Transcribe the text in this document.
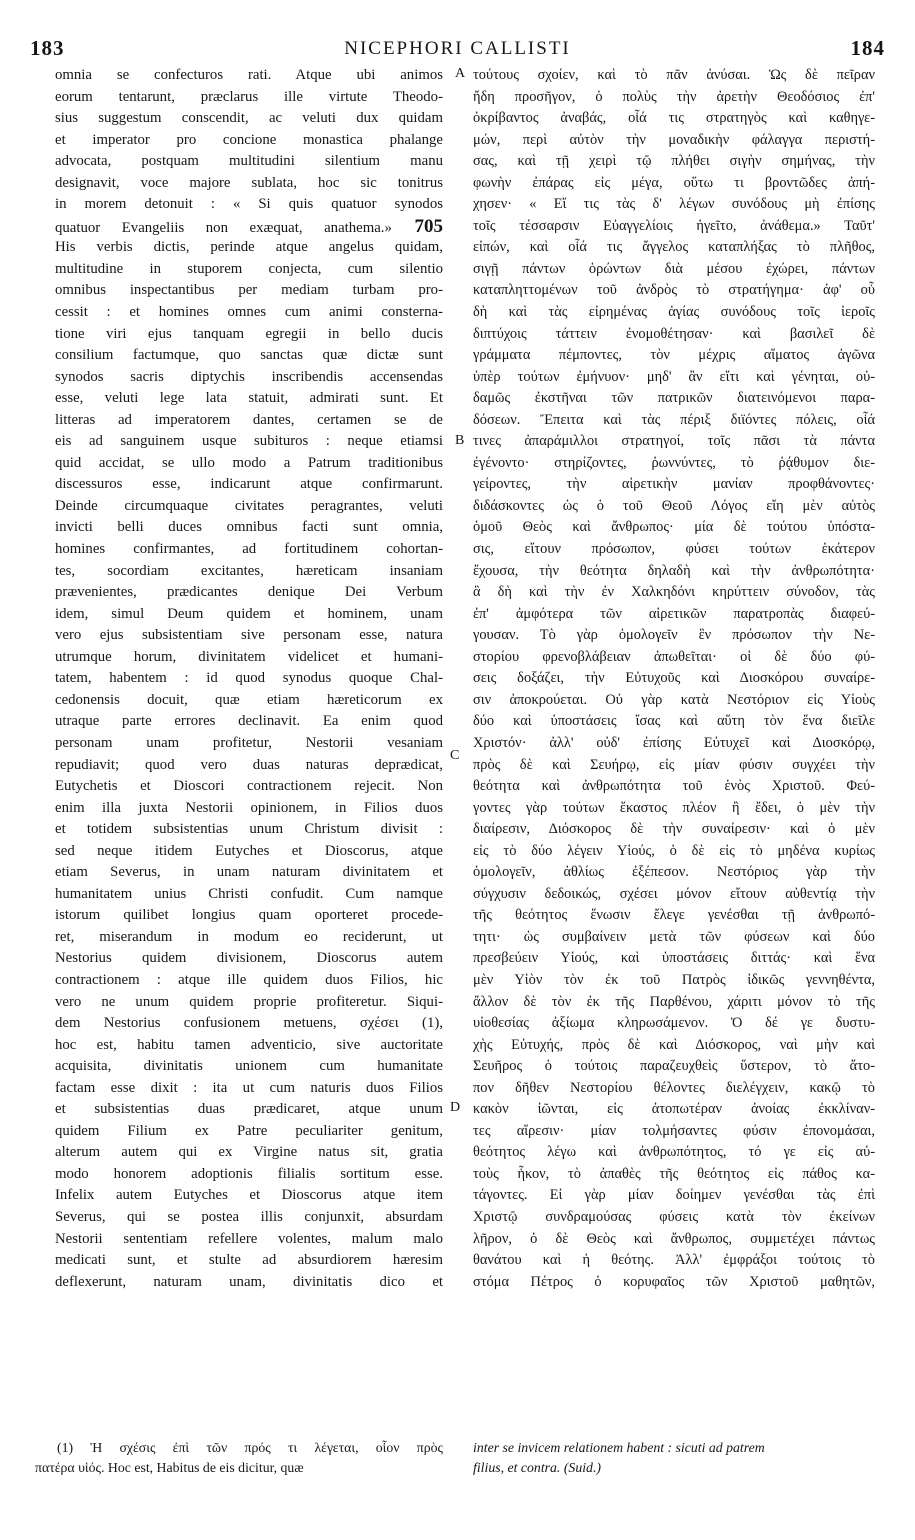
183	NICEPHORI CALLISTI	184
omnia se confecturos rati. Atque ubi animos
eorum tentarunt, præclarus ille virtute Theodo-
sius suggestum conscendit, ac veluti dux quidam
et imperator pro concione monastica phalange
advocata, postquam multitudini silentium manu
designavit, voce majore sublata, hoc sic tonitrus
in morem detonuit : « Si quis quatuor synodos
quatuor Evangeliis non exæquat, anathema.» 705
His verbis dictis, perinde atque angelus quidam,
multitudine in stuporem conjecta, cum silentio
omnibus inspectantibus per mediam turbam pro-
cessit : et homines omnes cum animi consterna-
tione viri ejus tanquam egregii in bello ducis
consilium factumque, quo sanctas quæ dictæ sunt
synodos sacris diptychis inscribendis accensendas
esse, veluti lege lata statuit, admirati sunt. Et
litteras ad imperatorem dantes, certamen se de
eis ad sanguinem usque subituros : neque etiamsi
quid accidat, se ullo modo a Patrum traditionibus
discessuros esse, indicarunt atque confirmarunt.
Deinde circumquaque civitates peragrantes, veluti
invicti belli duces omnibus facti sunt omnia,
homines confirmantes, ad fortitudinem cohortan-
tes, socordiam excitantes, hæreticam insaniam
prævenientes, prædicantes denique Dei Verbum
idem, simul Deum quidem et hominem, unam
vero ejus subsistentiam sive personam esse, natura
utrumque horum, divinitatem videlicet et humani-
tatem, habentem : id quod synodus quoque Chal-
cedonensis docuit, quæ etiam hæreticorum ex
utraque parte errores declinavit. Ea enim quod
personam unam profitetur, Nestorii vesaniam
repudiavit; quod vero duas naturas deprædicat,
Eutychetis et Dioscori contractionem rejecit. Non
enim illa juxta Nestorii opinionem, in Filios duos
et totidem subsistentias unum Christum divisit :
sed neque itidem Eutyches et Dioscorus, atque
etiam Severus, in unam naturam divinitatem et
humanitatem unius Christi confudit. Cum namque
istorum quilibet longius quam oporteret procede-
ret, miserandum in modum eo reciderunt, ut
Nestorius quidem divisionem, Dioscorus autem
contractionem : atque ille quidem duos Filios, hic
vero ne unum quidem proprie profiteretur. Siqui-
dem Nestorius confusionem metuens, σχέσει (1),
hoc est, habitu tamen adventicio, sive auctoritate
acquisita, divinitatis unionem cum humanitate
factam esse dixit : ita ut cum naturis duos Filios
et subsistentias duas prædicaret, atque unum
quidem Filium ex Patre peculiariter genitum,
alterum autem qui ex Virgine natus sit, gratia
modo honorem adoptionis filialis sortitum esse.
Infelix autem Eutyches et Dioscorus atque item
Severus, qui se postea illis conjunxit, absurdam
Nestorii sententiam refellere volentes, malum malo
medicati sunt, et stulte ad absurdiorem hæresim
deflexerunt, naturam unam, divinitatis dico et
τούτους σχοίεν, καὶ τὸ πᾶν ἀνύσαι. Ὡς δὲ πεῖραν
ἤδη προσῆγον, ὁ πολὺς τὴν ἀρετὴν Θεοδόσιος ἐπ'
ὀκρίβαντος ἀναβάς, οἷά τις στρατηγὸς καὶ καθηγε-
μών, περὶ αὐτὸν τὴν μοναδικὴν φάλαγγα περιστή-
σας, καὶ τῇ χειρὶ τῷ πλήθει σιγὴν σημήνας, τὴν
φωνὴν ἐπάρας εἰς μέγα, οὕτω τι βροντῶδες ἀπή-
χησεν· « Εἴ τις τὰς δ' λέγων συνόδους μὴ ἐπίσης
τοῖς τέσσαρσιν Εὐαγγελίοις ἡγεῖτο, ἀνάθεμα.» Ταῦτ'
εἰπών, καὶ οἷά τις ἄγγελος καταπλήξας τὸ πλῆθος,
σιγῇ πάντων ὁρώντων διὰ μέσου ἐχώρει, πάντων
καταπληττομένων τοῦ ἀνδρὸς τὸ στρατήγημα· ἀφ' οὗ
δὴ καὶ τὰς εἰρημένας ἁγίας συνόδους τοῖς ἱεροῖς
διπτύχοις τάττειν ἐνομοθέτησαν· καὶ βασιλεῖ δὲ
γράμματα πέμποντες, τὸν μέχρις αἵματος ἀγῶνα
ὑπὲρ τούτων ἐμήνυον· μηδ' ἂν εἴτι καὶ γένηται, οὐ-
δαμῶς ἐκστῆναι τῶν πατρικῶν διατεινόμενοι παρα-
δόσεων. Ἔπειτα καὶ τὰς πέριξ διϊόντες πόλεις, οἷά
τινες ἀπαράμιλλοι στρατηγοί, τοῖς πᾶσι τὰ πάντα
ἐγένοντο· στηρίζοντες, ῥωννύντες, τὸ ῥᾴθυμον διε-
γείροντες, τὴν αἱρετικὴν μανίαν προφθάνοντες·
διδάσκοντες ὡς ὁ τοῦ Θεοῦ Λόγος εἴη μὲν αὐτὸς
ὁμοῦ Θεὸς καὶ ἄνθρωπος· μία δὲ τούτου ὑπόστα-
σις, εἴτουν πρόσωπον, φύσει τούτων ἑκάτερον
ἔχουσα, τὴν θεότητα δηλαδὴ καὶ τὴν ἀνθρωπότητα·
ἃ δὴ καὶ τὴν ἐν Χαλκηδόνι κηρύττειν σύνοδον, τὰς
ἐπ' ἀμφότερα τῶν αἱρετικῶν παρατροπὰς διαφεύ-
γουσαν. Τὸ γὰρ ὁμολογεῖν ἓν πρόσωπον τὴν Νε-
στορίου φρενοβλάβειαν ἀπωθεῖται· οἱ δὲ δύο φύ-
σεις δοξάζει, τὴν Εὐτυχοῦς καὶ Διοσκόρου συναίρε-
σιν ἀποκρούεται. Οὐ γὰρ κατὰ Νεστόριον εἰς Υἱοὺς
δύο καὶ ὑποστάσεις ἴσας καὶ αὕτη τὸν ἕνα διεῖλε
Χριστόν· ἀλλ' οὐδ' ἐπίσης Εὐτυχεῖ καὶ Διοσκόρῳ,
πρὸς δὲ καὶ Σευήρῳ, εἰς μίαν φύσιν συγχέει τὴν
θεότητα καὶ ἀνθρωπότητα τοῦ ἑνὸς Χριστοῦ. Φεύ-
γοντες γὰρ τούτων ἕκαστος πλέον ἢ ἔδει, ὁ μὲν τὴν
διαίρεσιν, Διόσκορος δὲ τὴν συναίρεσιν· καὶ ὁ μὲν
εἰς τὸ δύο λέγειν Υἱούς, ὁ δὲ εἰς τὸ μηδένα κυρίως
ὁμολογεῖν, ἀθλίως ἐξέπεσον. Νεστόριος γὰρ τὴν
σύγχυσιν δεδοικώς, σχέσει μόνον εἴτουν αὐθεντίᾳ τὴν
τῆς θεότητος ἕνωσιν ἔλεγε γενέσθαι τῇ ἀνθρωπό-
τητι· ὡς συμβαίνειν μετὰ τῶν φύσεων καὶ δύο
πρεσβεύειν Υἱούς, καὶ ὑποστάσεις διττάς· καὶ ἕνα
μὲν Υἱὸν τὸν ἐκ τοῦ Πατρὸς ἰδικῶς γεννηθέντα,
ἄλλον δὲ τὸν ἐκ τῆς Παρθένου, χάριτι μόνον τὸ τῆς
υἱοθεσίας ἀξίωμα κληρωσάμενον. Ὁ δέ γε δυστυ-
χὴς Εὐτυχής, πρὸς δὲ καὶ Διόσκορος, ναὶ μὴν καὶ
Σευῆρος ὁ τούτοις παραζευχθεὶς ὕστερον, τὸ ἄτο-
πον δῆθεν Νεστορίου θέλοντες διελέγχειν, κακῷ τὸ
κακὸν ἰῶνται, εἰς ἀτοπωτέραν ἀνοίας ἐκκλίναν-
τες αἵρεσιν· μίαν τολμήσαντες φύσιν ἐπονομάσαι,
θεότητος λέγω καὶ ἀνθρωπότητος, τό γε εἰς αὐ-
τοὺς ἧκον, τὸ ἀπαθὲς τῆς θεότητος εἰς πάθος κα-
τάγοντες. Εἰ γὰρ μίαν δοίημεν γενέσθαι τὰς ἐπὶ
Χριστῷ συνδραμούσας φύσεις κατὰ τὸν ἐκείνων
λῆρον, ὁ δὲ Θεὸς καὶ ἄνθρωπος, συμμετέχει πάντως
θανάτου καὶ ἡ θεότης. Ἀλλ' ἐμφράξοι τούτοις τὸ
στόμα Πέτρος ὁ κορυφαῖος τῶν Χριστοῦ μαθητῶν,
A
B
C
D
(1) Ἡ σχέσις ἐπὶ τῶν πρός τι λέγεται, οἷον πρὸς
πατέρα υἱός. Hoc est, Habitus de eis dicitur, quæ
inter se invicem relationem habent : sicuti ad patrem
filius, et contra. (Suid.)
